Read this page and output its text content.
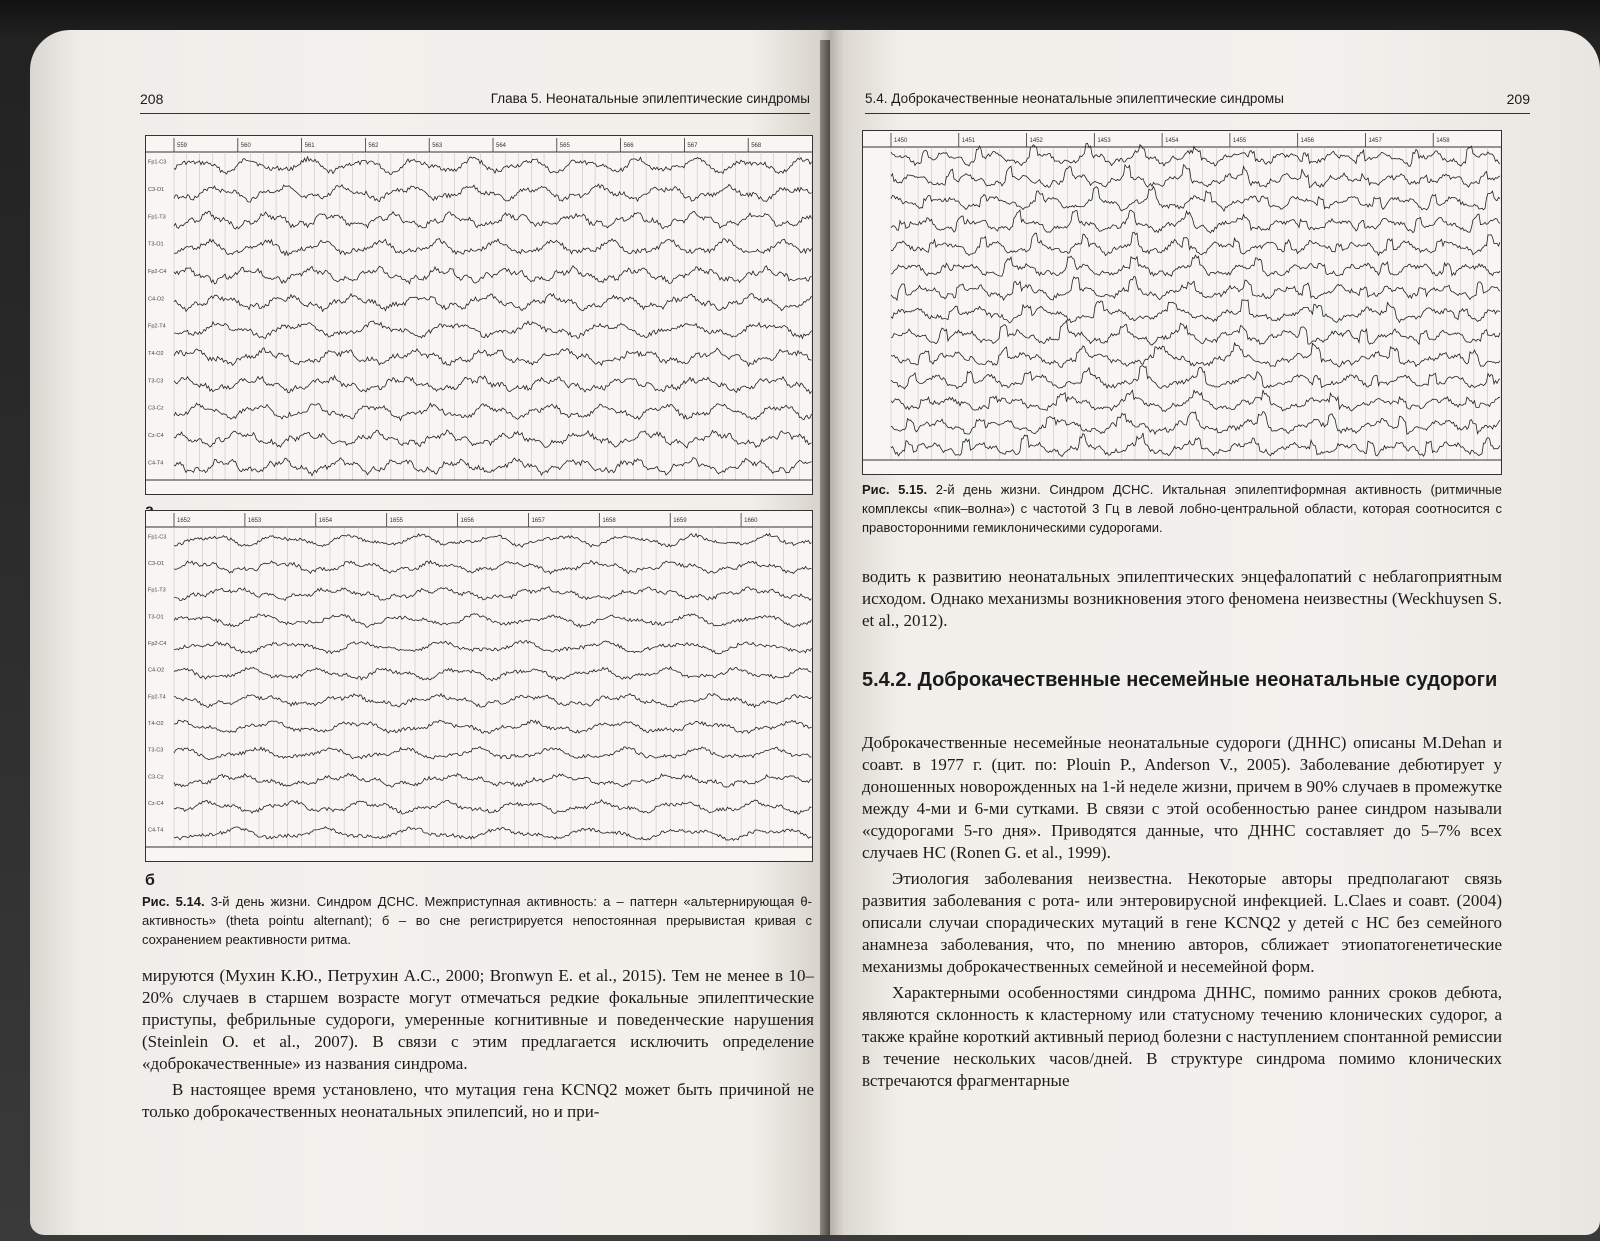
208	Глава 5. Неонатальные эпилептические синдромы
559	560	561	562	563	564	565	566	567	568
Fp1-C3
C3-O1
Fp1-T3
T3-O1
Fp2-C4
C4-O2
Fp2-T4
T4-O2
T3-C3
C3-Cz
Cz-C4
C4-T4
1652	1653	1654	1655	1656	1657	1658	1659	1660
Fp1-C3
C3-O1
Fp1-T3
T3-O1
Fp2-C4
C4-O2
Fp2-T4
T4-O2
T3-C3
C3-Cz
Cz-C4
C4-T4
б
Рис. 5.14. 3-й день жизни. Синдром ДСНС. Межприступная активность: а – паттерн «альтернирующая θ-активность» (theta pointu alternant); б – во сне регистрируется непостоянная прерывистая кривая с сохранением реактивности ритма.

мируются (Мухин К.Ю., Петрухин А.С., 2000; Bronwyn E. et al., 2015). Тем не менее в 10–20% случаев в старшем возрасте могут отмечаться редкие фокальные эпилептические приступы, фебрильные судороги, умеренные когнитивные и поведенческие нарушения (Steinlein O. et al., 2007). В связи с этим предлагается исключить определение «доброкачественные» из названия синдрома.

В настоящее время установлено, что мутация гена KCNQ2 может быть причиной не только доброкачественных неонатальных эпилепсий, но и при-

5.4. Доброкачественные неонатальные эпилептические синдромы	209
1450	1451	1452	1453	1454	1455	1456	1457	1458
Рис. 5.15. 2-й день жизни. Синдром ДСНС. Иктальная эпилептиформная активность (ритмичные комплексы «пик–волна») с частотой 3 Гц в левой лобно-центральной области, которая соотносится с правосторонними гемиклоническими судорогами.

водить к развитию неонатальных эпилептических энцефалопатий с неблагоприятным исходом. Однако механизмы возникновения этого феномена неизвестны (Weckhuysen S. et al., 2012).

5.4.2. Доброкачественные несемейные неонатальные судороги

Доброкачественные несемейные неонатальные судороги (ДННС) описаны M.Dehan и соавт. в 1977 г. (цит. по: Plouin P., Anderson V., 2005). Заболевание дебютирует у доношенных новорожденных на 1-й неделе жизни, причем в 90% случаев в промежутке между 4-ми и 6-ми сутками. В связи с этой особенностью ранее синдром называли «судорогами 5-го дня». Приводятся данные, что ДННС составляет до 5–7% всех случаев НС (Ronen G. et al., 1999).

Этиология заболевания неизвестна. Некоторые авторы предполагают связь развития заболевания с рота- или энтеровирусной инфекцией. L.Claes и соавт. (2004) описали случаи спорадических мутаций в гене KCNQ2 у детей с НС без семейного анамнеза заболевания, что, по мнению авторов, сближает этиопатогенетические механизмы доброкачественных семейной и несемейной форм.

Характерными особенностями синдрома ДННС, помимо ранних сроков дебюта, являются склонность к кластерному или статусному течению клонических судорог, а также крайне короткий активный период болезни с наступлением спонтанной ремиссии в течение нескольких часов/дней. В структуре синдрома помимо клонических встречаются фрагментарные
